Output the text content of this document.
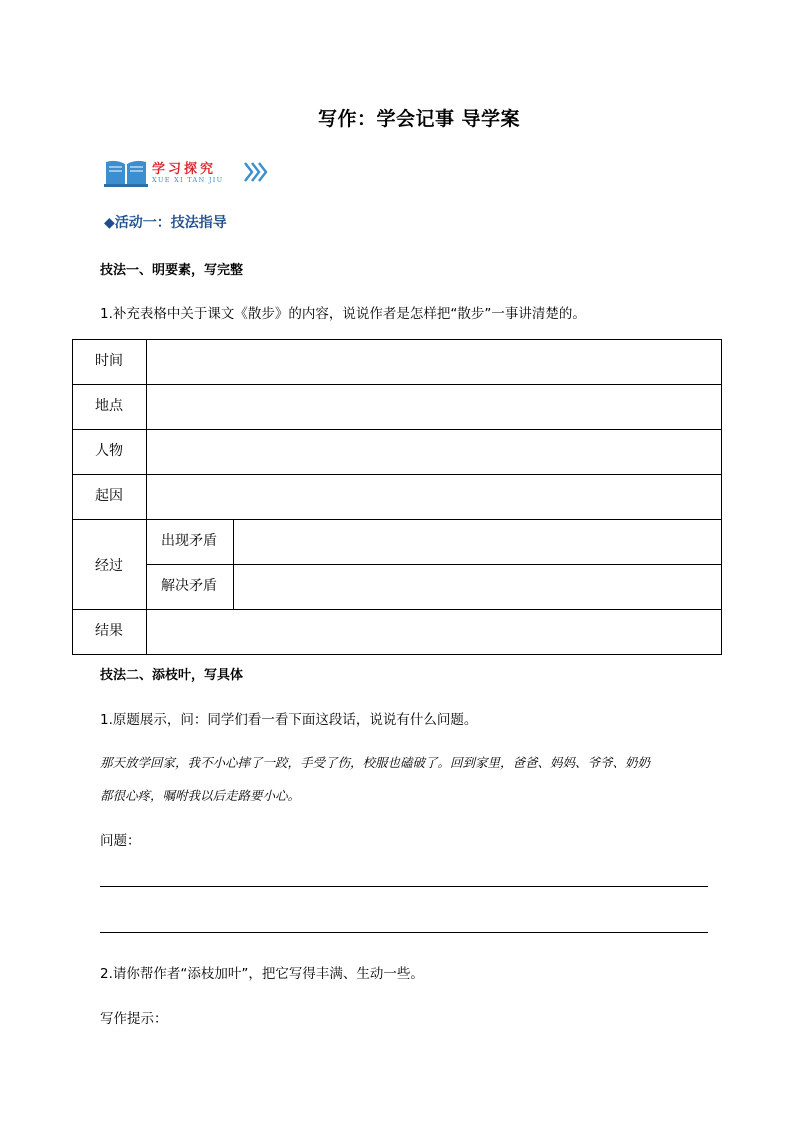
写作：学会记事 导学案
学习探究
XUE XI TAN JIU
◆活动一：技法指导
技法一、明要素，写完整
1.补充表格中关于课文《散步》的内容，说说作者是怎样把“散步”一事讲清楚的。
时间		

地点		

人物		

起因		

经过	出现矛盾	

	解决矛盾	

结果		

技法二、添枝叶，写具体
1.原题展示，问：同学们看一看下面这段话，说说有什么问题。
那天放学回家，我不小心摔了一跤，手受了伤，校服也磕破了。回到家里，爸爸、妈妈、爷爷、奶奶
都很心疼，嘱咐我以后走路要小心。
问题：
2.请你帮作者“添枝加叶”，把它写得丰满、生动一些。
写作提示：
